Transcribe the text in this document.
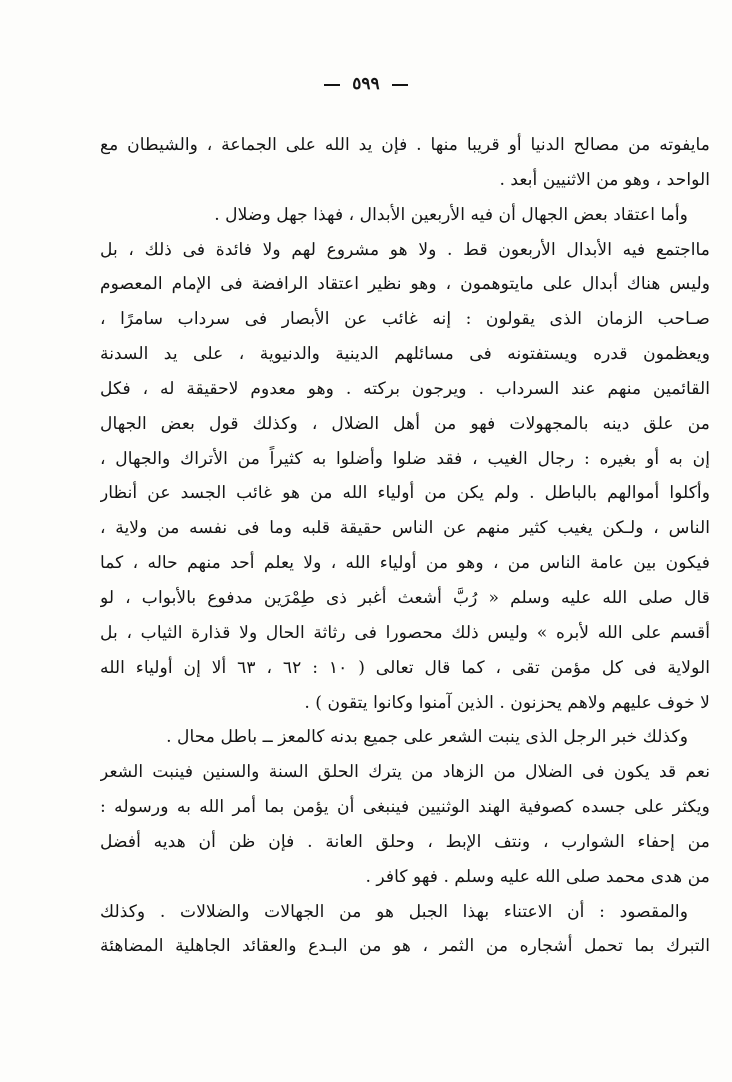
٥٩٩
مايفوته من مصالح الدنيا أو قريبا منها . فإن يد الله على الجماعة ، والشيطان مع
الواحد ، وهو من الاثنيين أبعد .
وأما اعتقاد بعض الجهال أن فيه الأربعين الأبدال ، فهذا جهل وضلال .
مااجتمع فيه الأبدال الأربعون قط . ولا هو مشروع لهم ولا فائدة فى ذلك ، بل
وليس هناك أبدال على مايتوهمون ، وهو نظير اعتقاد الرافضة فى الإمام المعصوم
صـاحب الزمان الذى يقولون : إنه غائب عن الأبصار فى سرداب سامرًا ،
ويعظمون قدره ويستفتونه فى مسائلهم الدينية والدنيوية ، على يد السدنة
القائمين منهم عند السرداب . ويرجون بركته . وهو معدوم لاحقيقة له ، فكل
من علق دينه بالمجهولات فهو من أهل الضلال ، وكذلك قول بعض الجهال
إن به أو بغيره : رجال الغيب ، فقد ضلوا وأضلوا به كثيراً من الأتراك والجهال ،
وأكلوا أموالهم بالباطل . ولم يكن من أولياء الله من هو غائب الجسد عن أنظار
الناس ، ولـكن يغيب كثير منهم عن الناس حقيقة قلبه وما فى نفسه من ولاية ،
فيكون بين عامة الناس من ، وهو من أولياء الله ، ولا يعلم أحد منهم حاله ، كما
قال صلى الله عليه وسلم « رُبَّ أشعث أغبر ذى طِمْرَين مدفوع بالأبواب ، لو
أقسم على الله لأبره » وليس ذلك محصورا فى رثاثة الحال ولا قذارة الثياب ، بل
الولاية فى كل مؤمن تقى ، كما قال تعالى ( ١٠ : ٦٢ ، ٦٣ ألا إن أولياء الله
لا خوف عليهم ولاهم يحزنون . الذين آمنوا وكانوا يتقون ) .
وكذلك خبر الرجل الذى ينبت الشعر على جميع بدنه كالمعز ــ باطل محال .
نعم قد يكون فى الضلال من الزهاد من يترك الحلق السنة والسنين فينبت الشعر
ويكثر على جسده كصوفية الهند الوثنيين فينبغى أن يؤمن بما أمر الله به ورسوله :
من إحفاء الشوارب ، ونتف الإبط ، وحلق العانة . فإن ظن أن هديه أفضل
من هدى محمد صلى الله عليه وسلم . فهو كافر .
والمقصود : أن الاعتناء بهذا الجبل هو من الجهالات والضلالات . وكذلك
التبرك بما تحمل أشجاره من الثمر ، هو من البـدع والعقائد الجاهلية المضاهئة
